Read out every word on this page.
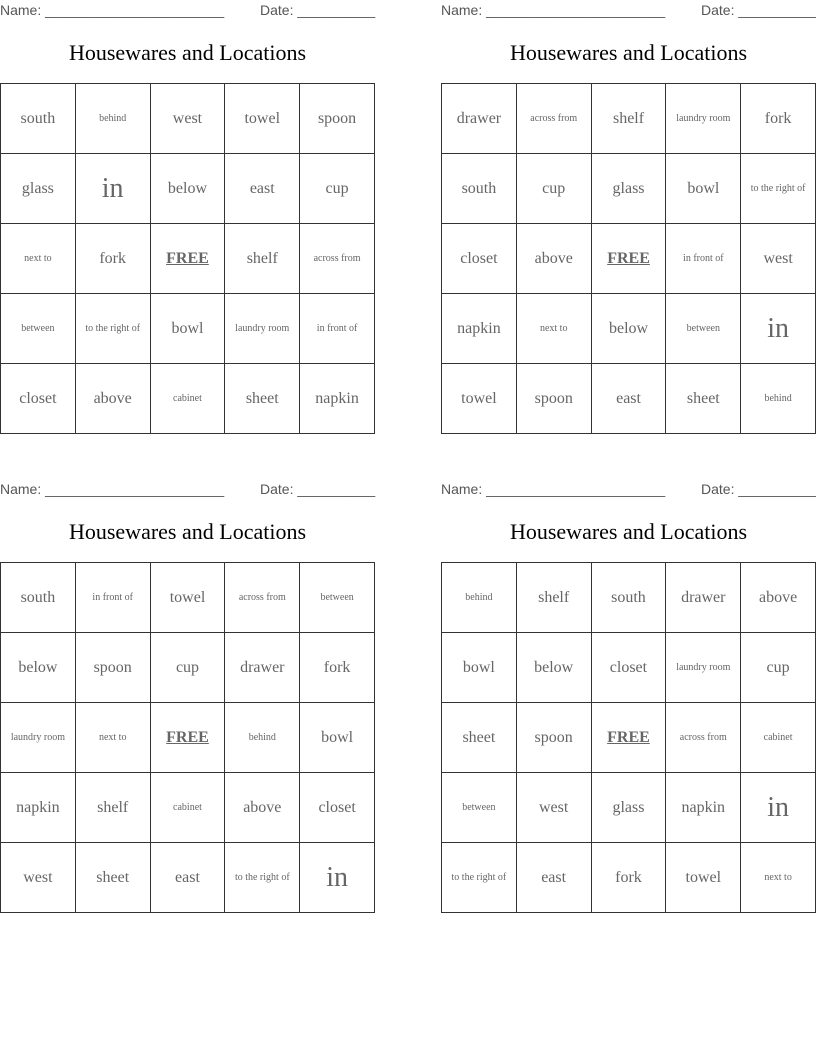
Name: _______________________	Date: __________
Housewares and Locations
south	behind	west	towel	spoon
glass	in	below	east	cup
next to	fork	FREE	shelf	across from
between	to the right of	bowl	laundry room	in front of
closet	above	cabinet	sheet	napkin
Name: _______________________	Date: __________
Housewares and Locations
drawer	across from	shelf	laundry room	fork
south	cup	glass	bowl	to the right of
closet	above	FREE	in front of	west
napkin	next to	below	between	in
towel	spoon	east	sheet	behind
Name: _______________________	Date: __________
Housewares and Locations
south	in front of	towel	across from	between
below	spoon	cup	drawer	fork
laundry room	next to	FREE	behind	bowl
napkin	shelf	cabinet	above	closet
west	sheet	east	to the right of	in
Name: _______________________	Date: __________
Housewares and Locations
behind	shelf	south	drawer	above
bowl	below	closet	laundry room	cup
sheet	spoon	FREE	across from	cabinet
between	west	glass	napkin	in
to the right of	east	fork	towel	next to
